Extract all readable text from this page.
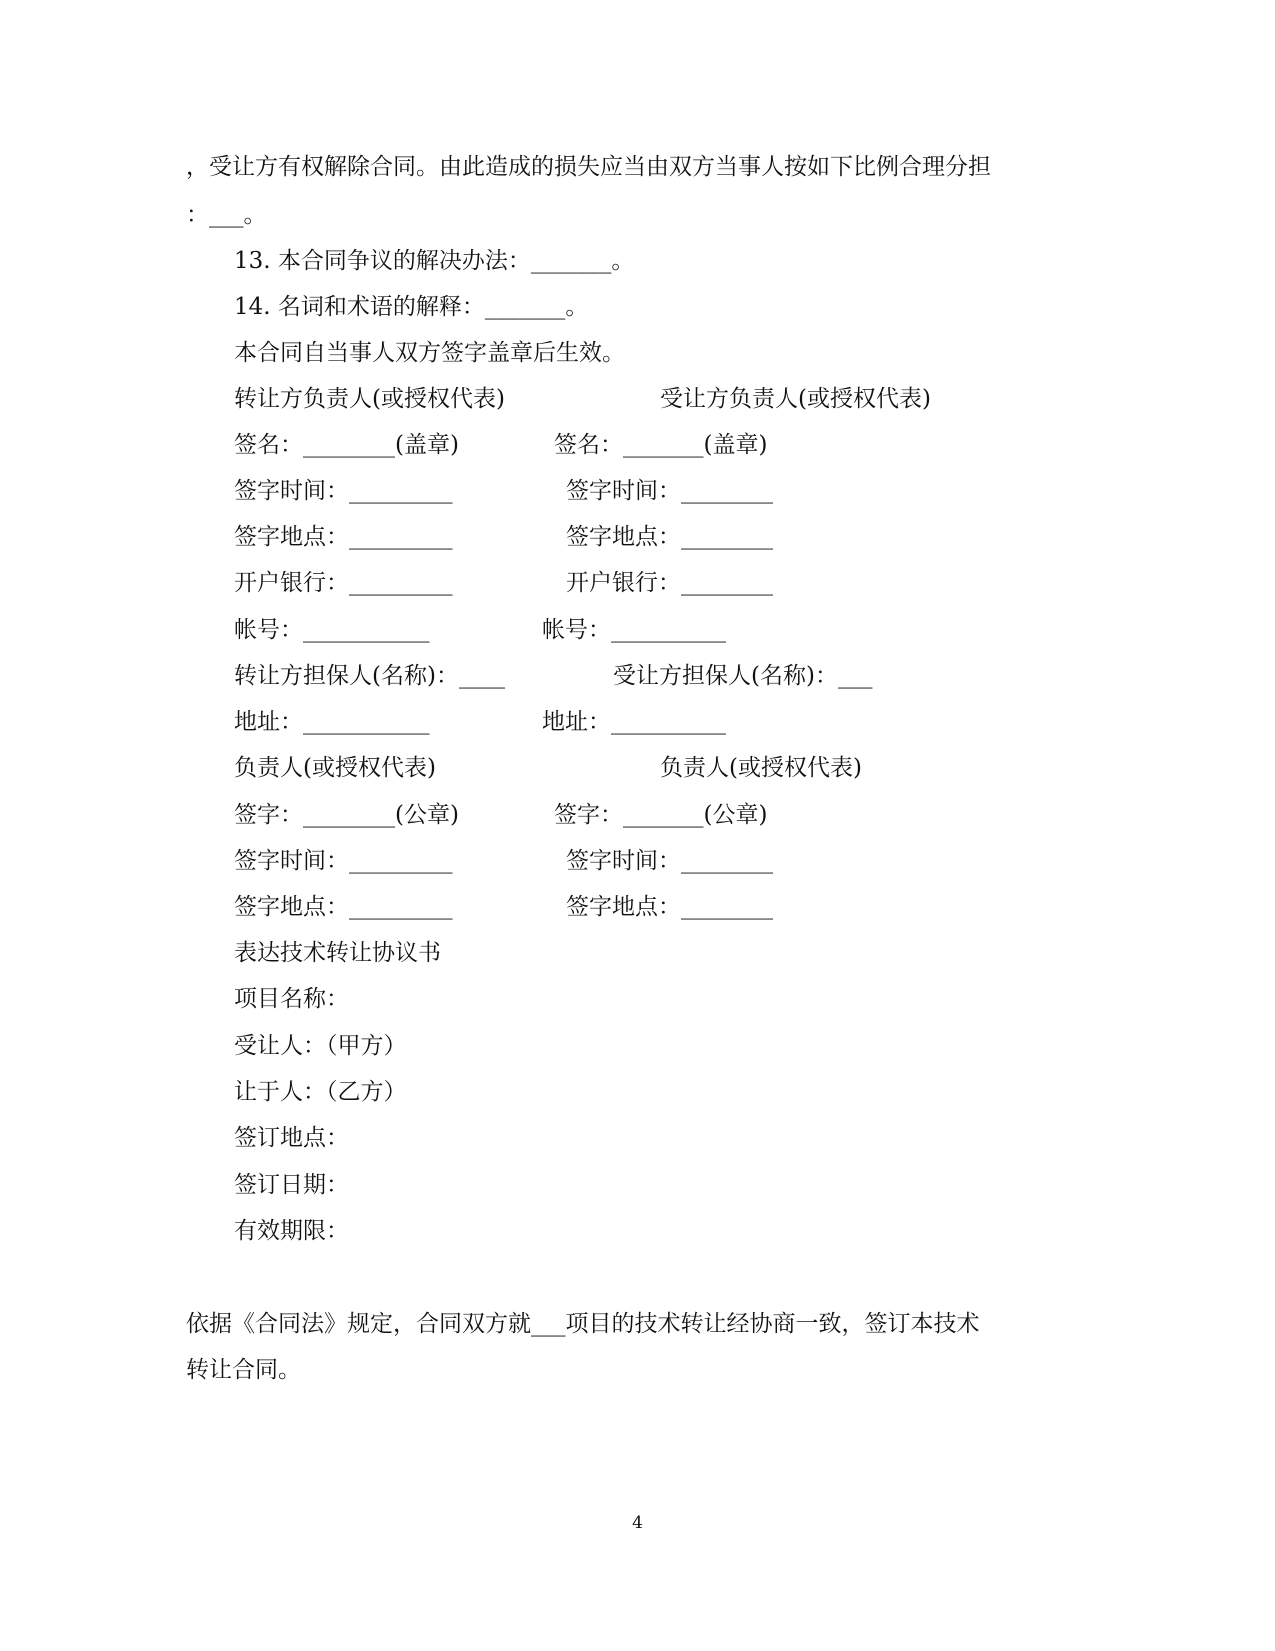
，受让方有权解除合同。由此造成的损失应当由双方当事人按如下比例合理分担
：___。
13. 本合同争议的解决办法：_______。
14. 名词和术语的解释：_______。
本合同自当事人双方签字盖章后生效。
转让方负责人(或授权代表)	受让方负责人(或授权代表)
签名：________(盖章)	签名：_______(盖章)
签字时间：_________	签字时间：________
签字地点：_________	签字地点：________
开户银行：_________	开户银行：________
帐号：___________	帐号：__________
转让方担保人(名称)：____	受让方担保人(名称)：___
地址：___________	地址：__________
负责人(或授权代表)	负责人(或授权代表)
签字：________(公章)	签字：_______(公章)
签字时间：_________	签字时间：________
签字地点：_________	签字地点：________
表达技术转让协议书
项目名称：
受让人：（甲方）
让于人：（乙方）
签订地点：
签订日期：
有效期限：
依据《合同法》规定，合同双方就___项目的技术转让经协商一致，签订本技术
转让合同。
4
